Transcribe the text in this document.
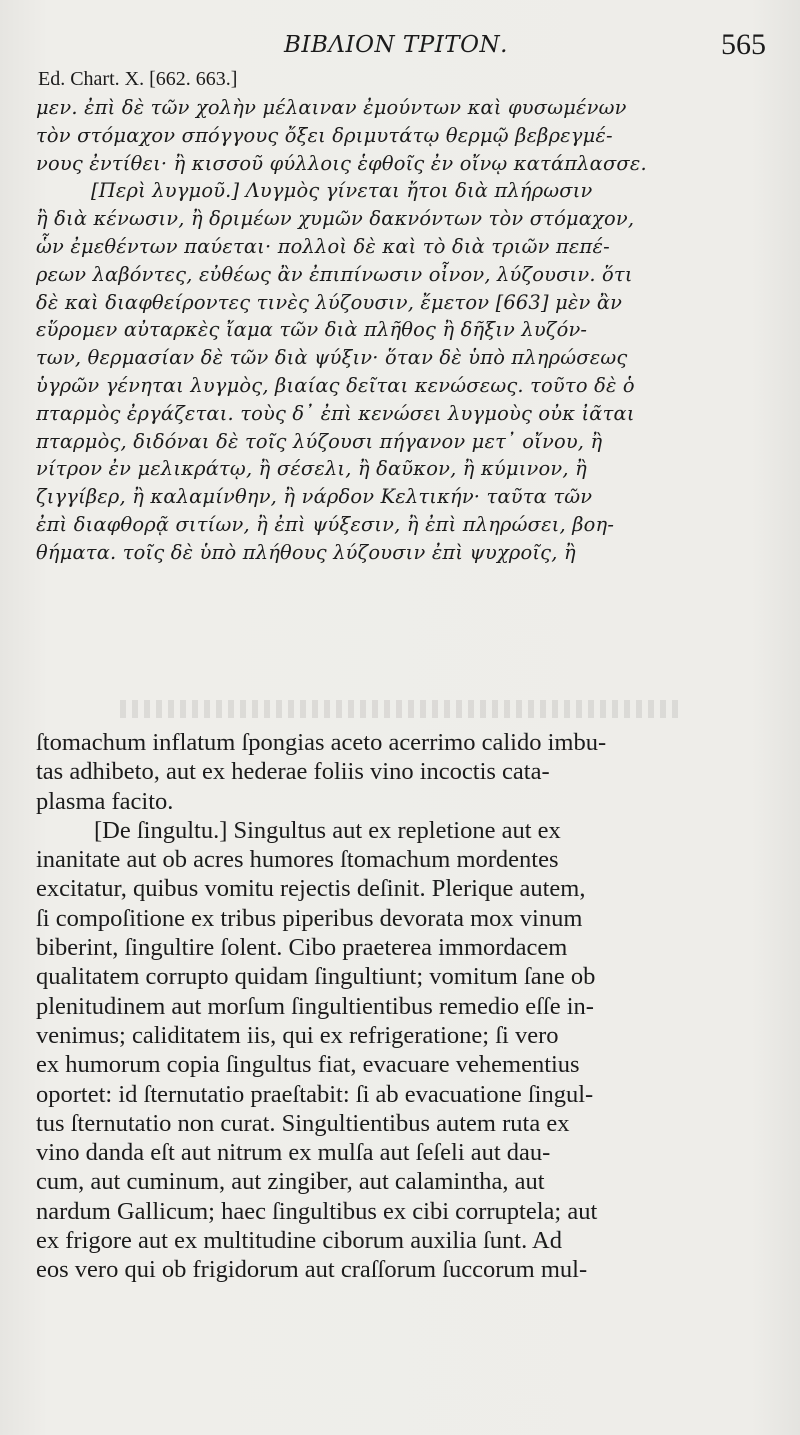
ΒΙΒΛΙΟΝ ΤΡΙΤΟΝ.	565
Ed. Chart. X. [662. 663.]
μεν. ἐπὶ δὲ τῶν χολὴν μέλαιναν ἐμούντων καὶ φυσωμένων
τὸν στόμαχον σπόγγους ὄξει δριμυτάτῳ θερμῷ βεβρεγμέ-
νους ἐντίθει· ἢ κισσοῦ φύλλοις ἑφθοῖς ἐν οἴνῳ κατάπλασσε.
[Περὶ λυγμοῦ.] Λυγμὸς γίνεται ἤτοι διὰ πλήρωσιν
ἢ διὰ κένωσιν, ἢ δριμέων χυμῶν δακνόντων τὸν στόμαχον,
ὧν ἐμεθέντων παύεται· πολλοὶ δὲ καὶ τὸ διὰ τριῶν πεπέ-
ρεων λαβόντες, εὐθέως ἂν ἐπιπίνωσιν οἶνον, λύζουσιν. ὅτι
δὲ καὶ διαφθείροντες τινὲς λύζουσιν, ἔμετον [663] μὲν ἂν
εὕρομεν αὐταρκὲς ἴαμα τῶν διὰ πλῆθος ἢ δῆξιν λυζόν-
των, θερμασίαν δὲ τῶν διὰ ψύξιν· ὅταν δὲ ὑπὸ πληρώσεως
ὑγρῶν γένηται λυγμὸς, βιαίας δεῖται κενώσεως. τοῦτο δὲ ὁ
πταρμὸς ἐργάζεται. τοὺς δ᾽ ἐπὶ κενώσει λυγμοὺς οὐκ ἰᾶται
πταρμὸς, διδόναι δὲ τοῖς λύζουσι πήγανον μετ᾽ οἴνου, ἢ
νίτρον ἐν μελικράτῳ, ἢ σέσελι, ἢ δαῦκον, ἢ κύμινον, ἢ
ζιγγίβερ, ἢ καλαμίνθην, ἢ νάρδον Κελτικήν· ταῦτα τῶν
ἐπὶ διαφθορᾷ σιτίων, ἢ ἐπὶ ψύξεσιν, ἢ ἐπὶ πληρώσει, βοη-
θήματα. τοῖς δὲ ὑπὸ πλήθους λύζουσιν ἐπὶ ψυχροῖς, ἢ
ſtomachum inflatum ſpongias aceto acerrimo calido imbu-
tas adhibeto, aut ex hederae foliis vino incoctis cata-
plasma facito.
[De ſingultu.] Singultus aut ex repletione aut ex
inanitate aut ob acres humores ſtomachum mordentes
excitatur, quibus vomitu rejectis deſinit. Plerique autem,
ſi compoſitione ex tribus piperibus devorata mox vinum
biberint, ſingultire ſolent. Cibo praeterea immordacem
qualitatem corrupto quidam ſingultiunt; vomitum ſane ob
plenitudinem aut morſum ſingultientibus remedio eſſe in-
venimus; caliditatem iis, qui ex refrigeratione; ſi vero
ex humorum copia ſingultus fiat, evacuare vehementius
oportet: id ſternutatio praeſtabit: ſi ab evacuatione ſingul-
tus ſternutatio non curat. Singultientibus autem ruta ex
vino danda eſt aut nitrum ex mulſa aut ſeſeli aut dau-
cum, aut cuminum, aut zingiber, aut calamintha, aut
nardum Gallicum; haec ſingultibus ex cibi corruptela; aut
ex frigore aut ex multitudine ciborum auxilia ſunt. Ad
eos vero qui ob frigidorum aut craſſorum ſuccorum mul-
